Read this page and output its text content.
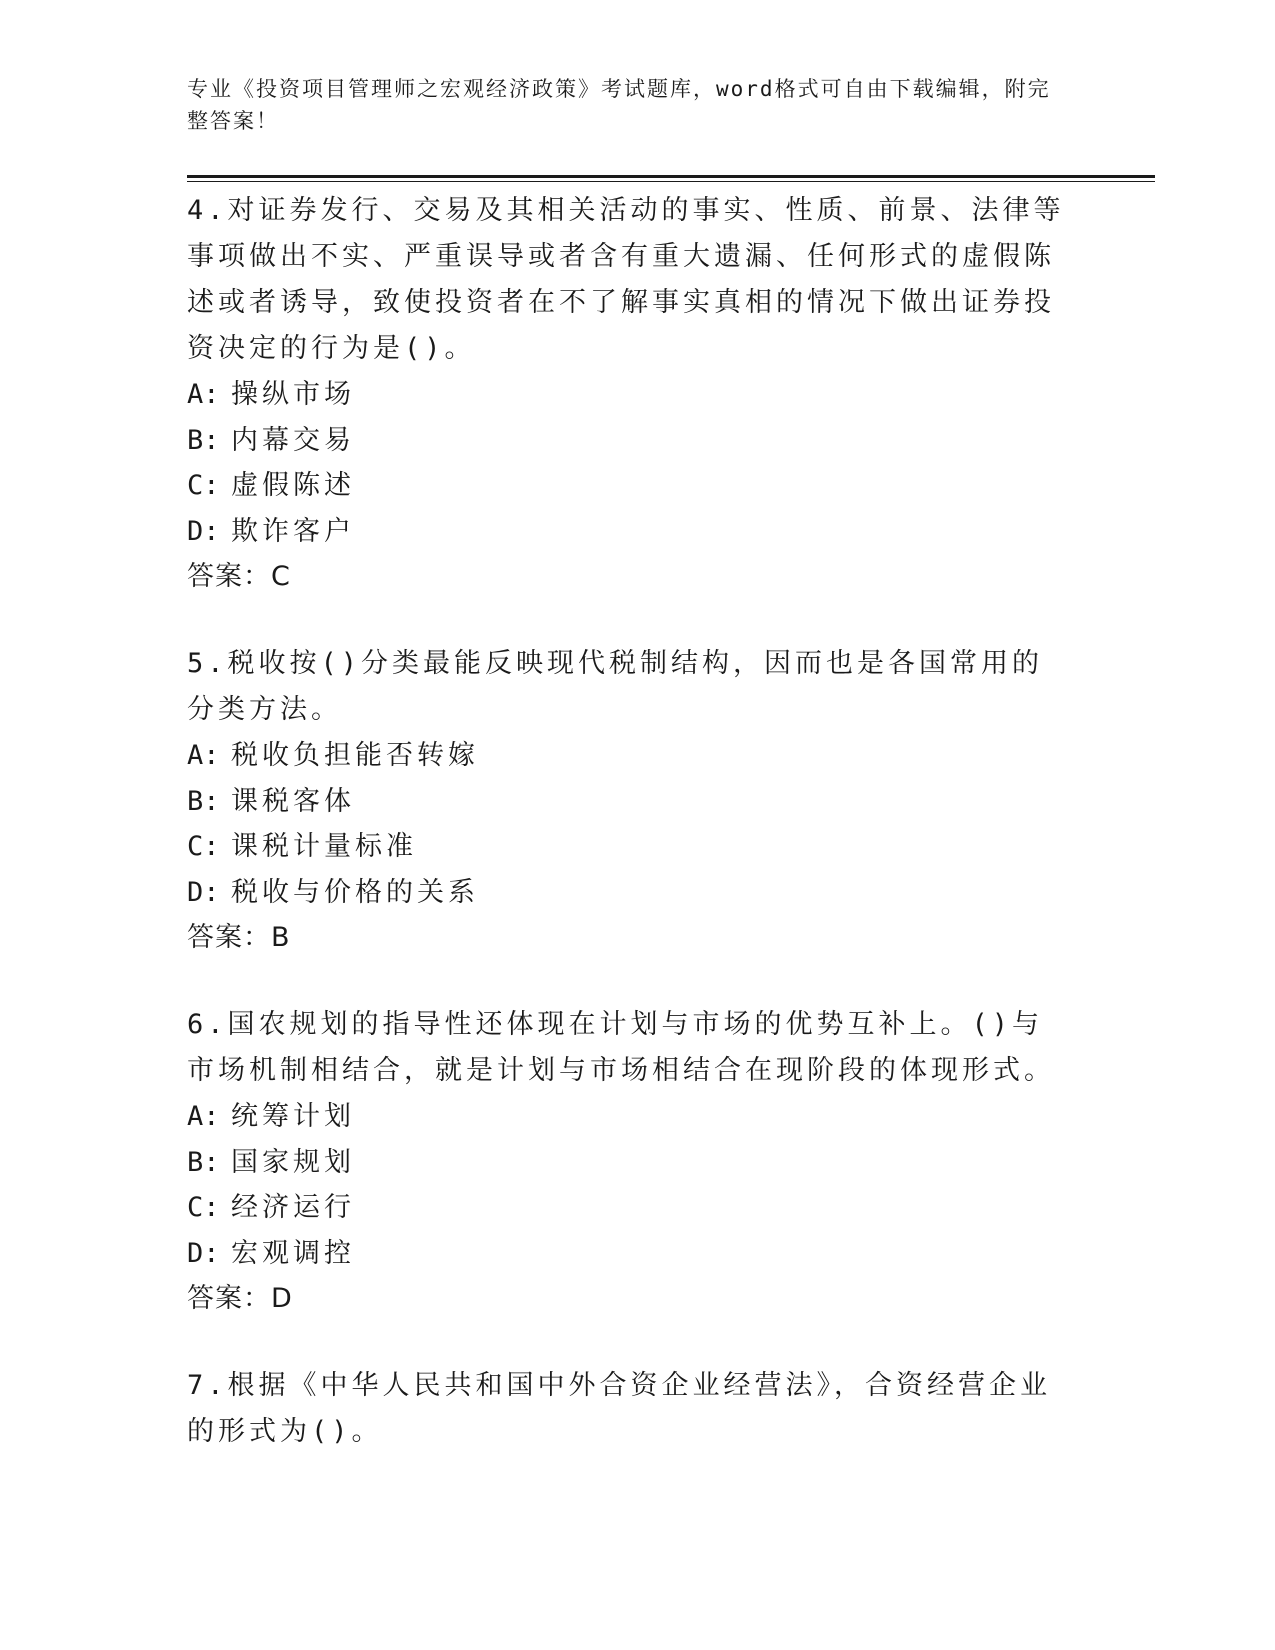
专业《投资项目管理师之宏观经济政策》考试题库，word格式可自由下载编辑，附完整答案！

4.对证券发行、交易及其相关活动的事实、性质、前景、法律等事项做出不实、严重误导或者含有重大遗漏、任何形式的虚假陈述或者诱导，致使投资者在不了解事实真相的情况下做出证券投资决定的行为是()。

A: 操纵市场

B: 内幕交易

C: 虚假陈述

D: 欺诈客户

答案：C

5.税收按()分类最能反映现代税制结构，因而也是各国常用的分类方法。

A: 税收负担能否转嫁

B: 课税客体

C: 课税计量标准

D: 税收与价格的关系

答案：B

6.国农规划的指导性还体现在计划与市场的优势互补上。()与市场机制相结合，就是计划与市场相结合在现阶段的体现形式。

A: 统筹计划

B: 国家规划

C: 经济运行

D: 宏观调控

答案：D

7.根据《中华人民共和国中外合资企业经营法》，合资经营企业的形式为()。
